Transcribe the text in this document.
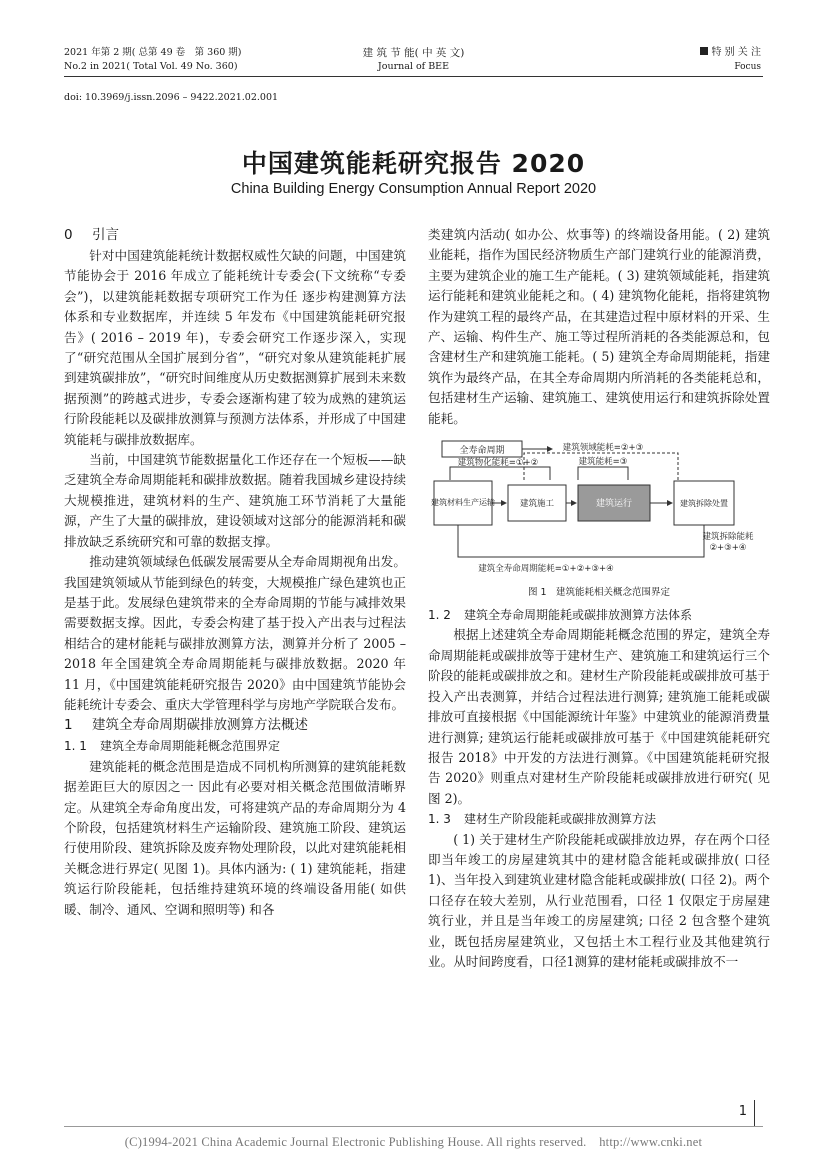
2021 年第 2 期( 总第 49 卷　第 360 期)
No.2 in 2021( Total Vol. 49 No. 360)
建 筑 节 能( 中 英 文)
Journal of BEE
特 别 关 注
Focus
doi: 10.3969/j.issn.2096 – 9422.2021.02.001
中国建筑能耗研究报告 2020
China Building Energy Consumption Annual Report 2020
0 引言

针对中国建筑能耗统计数据权威性欠缺的问题，中国建筑节能协会于 2016 年成立了能耗统计专委会(下文统称“专委会”)，以建筑能耗数据专项研究工作为任 逐步构建测算方法体系和专业数据库，并连续 5 年发布《中国建筑能耗研究报告》( 2016 – 2019 年)，专委会研究工作逐步深入，实现了“研究范围从全国扩展到分省”，“研究对象从建筑能耗扩展到建筑碳排放”，“研究时间维度从历史数据测算扩展到未来数据预测”的跨越式进步，专委会逐渐构建了较为成熟的建筑运行阶段能耗以及碳排放测算与预测方法体系，并形成了中国建筑能耗与碳排放数据库。

当前，中国建筑节能数据量化工作还存在一个短板——缺乏建筑全寿命周期能耗和碳排放数据。随着我国城乡建设持续大规模推进，建筑材料的生产、建筑施工环节消耗了大量能源，产生了大量的碳排放，建设领域对这部分的能源消耗和碳排放缺乏系统研究和可靠的数据支撑。

推动建筑领域绿色低碳发展需要从全寿命周期视角出发。我国建筑领域从节能到绿色的转变，大规模推广绿色建筑也正是基于此。发展绿色建筑带来的全寿命周期的节能与减排效果需要数据支撑。因此，专委会构建了基于投入产出表与过程法相结合的建材能耗与碳排放测算方法，测算并分析了 2005 – 2018 年全国建筑全寿命周期能耗与碳排放数据。2020 年 11 月，《中国建筑能耗研究报告 2020》由中国建筑节能协会能耗统计专委会、重庆大学管理科学与房地产学院联合发布。

1 建筑全寿命周期碳排放测算方法概述
1. 1 建筑全寿命周期能耗概念范围界定

建筑能耗的概念范围是造成不同机构所测算的建筑能耗数据差距巨大的原因之一 因此有必要对相关概念范围做清晰界定。从建筑全寿命角度出发，可将建筑产品的寿命周期分为 4 个阶段，包括建筑材料生产运输阶段、建筑施工阶段、建筑运行使用阶段、建筑拆除及废弃物处理阶段，以此对建筑能耗相关概念进行界定( 见图 1)。具体内涵为: ( 1) 建筑能耗，指建筑运行阶段能耗，包括维持建筑环境的终端设备用能( 如供暖、制冷、通风、空调和照明等) 和各

类建筑内活动( 如办公、炊事等) 的终端设备用能。( 2) 建筑业能耗，指作为国民经济物质生产部门建筑行业的能源消费，主要为建筑企业的施工生产能耗。( 3) 建筑领域能耗，指建筑运行能耗和建筑业能耗之和。( 4) 建筑物化能耗，指将建筑物作为建筑工程的最终产品，在其建造过程中原材料的开采、生产、运输、构件生产、施工等过程所消耗的各类能源总和，包含建材生产和建筑施工能耗。( 5) 建筑全寿命周期能耗，指建筑作为最终产品，在其全寿命周期内所消耗的各类能耗总和，包括建材生产运输、建筑施工、建筑使用运行和建筑拆除处置能耗。

全寿命周期	建筑领域能耗=②+③
建筑物化能耗=①+②	建筑能耗=③
建筑材料生产运输	建筑施工	建筑运行	建筑拆除处置
建筑拆除能耗
②+③+④
建筑全寿命周期能耗=①+②+③+④
图 1　建筑能耗相关概念范围界定
1. 2 建筑全寿命周期能耗或碳排放测算方法体系

根据上述建筑全寿命周期能耗概念范围的界定，建筑全寿命周期能耗或碳排放等于建材生产、建筑施工和建筑运行三个阶段的能耗或碳排放之和。建材生产阶段能耗或碳排放可基于投入产出表测算，并结合过程法进行测算; 建筑施工能耗或碳排放可直接根据《中国能源统计年鉴》中建筑业的能源消费量进行测算; 建筑运行能耗或碳排放可基于《中国建筑能耗研究报告 2018》中开发的方法进行测算。《中国建筑能耗研究报告 2020》则重点对建材生产阶段能耗或碳排放进行研究( 见图 2)。

1. 3 建材生产阶段能耗或碳排放测算方法

( 1) 关于建材生产阶段能耗或碳排放边界，存在两个口径 即当年竣工的房屋建筑其中的建材隐含能耗或碳排放( 口径 1)、当年投入到建筑业建材隐含能耗或碳排放( 口径 2)。两个口径存在较大差别，从行业范围看，口径 1 仅限定于房屋建筑行业，并且是当年竣工的房屋建筑; 口径 2 包含整个建筑业，既包括房屋建筑业，又包括土木工程行业及其他建筑行业。从时间跨度看，口径1测算的建材能耗或碳排放不一

1
(C)1994-2021 China Academic Journal Electronic Publishing House. All rights reserved.　http://www.cnki.net
